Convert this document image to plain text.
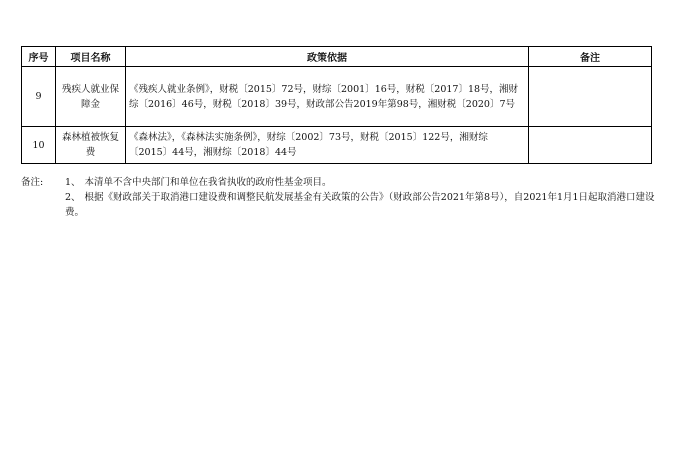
序号	项目名称	政策依据	备注
9	残疾人就业保障金	《残疾人就业条例》，财税〔2015〕72号，财综〔2001〕16号，财税〔2017〕18号，湘财综〔2016〕46号，财税〔2018〕39号，财政部公告2019年第98号，湘财税〔2020〕7号	
10	森林植被恢复费	《森林法》，《森林法实施条例》，财综〔2002〕73号，财税〔2015〕122号，湘财综〔2015〕44号，湘财综〔2018〕44号	
备注:	1、 本清单不含中央部门和单位在我省执收的政府性基金项目。
2、 根据《财政部关于取消港口建设费和调整民航发展基金有关政策的公告》（财政部公告2021年第8号），自2021年1月1日起取消港口建设费。
